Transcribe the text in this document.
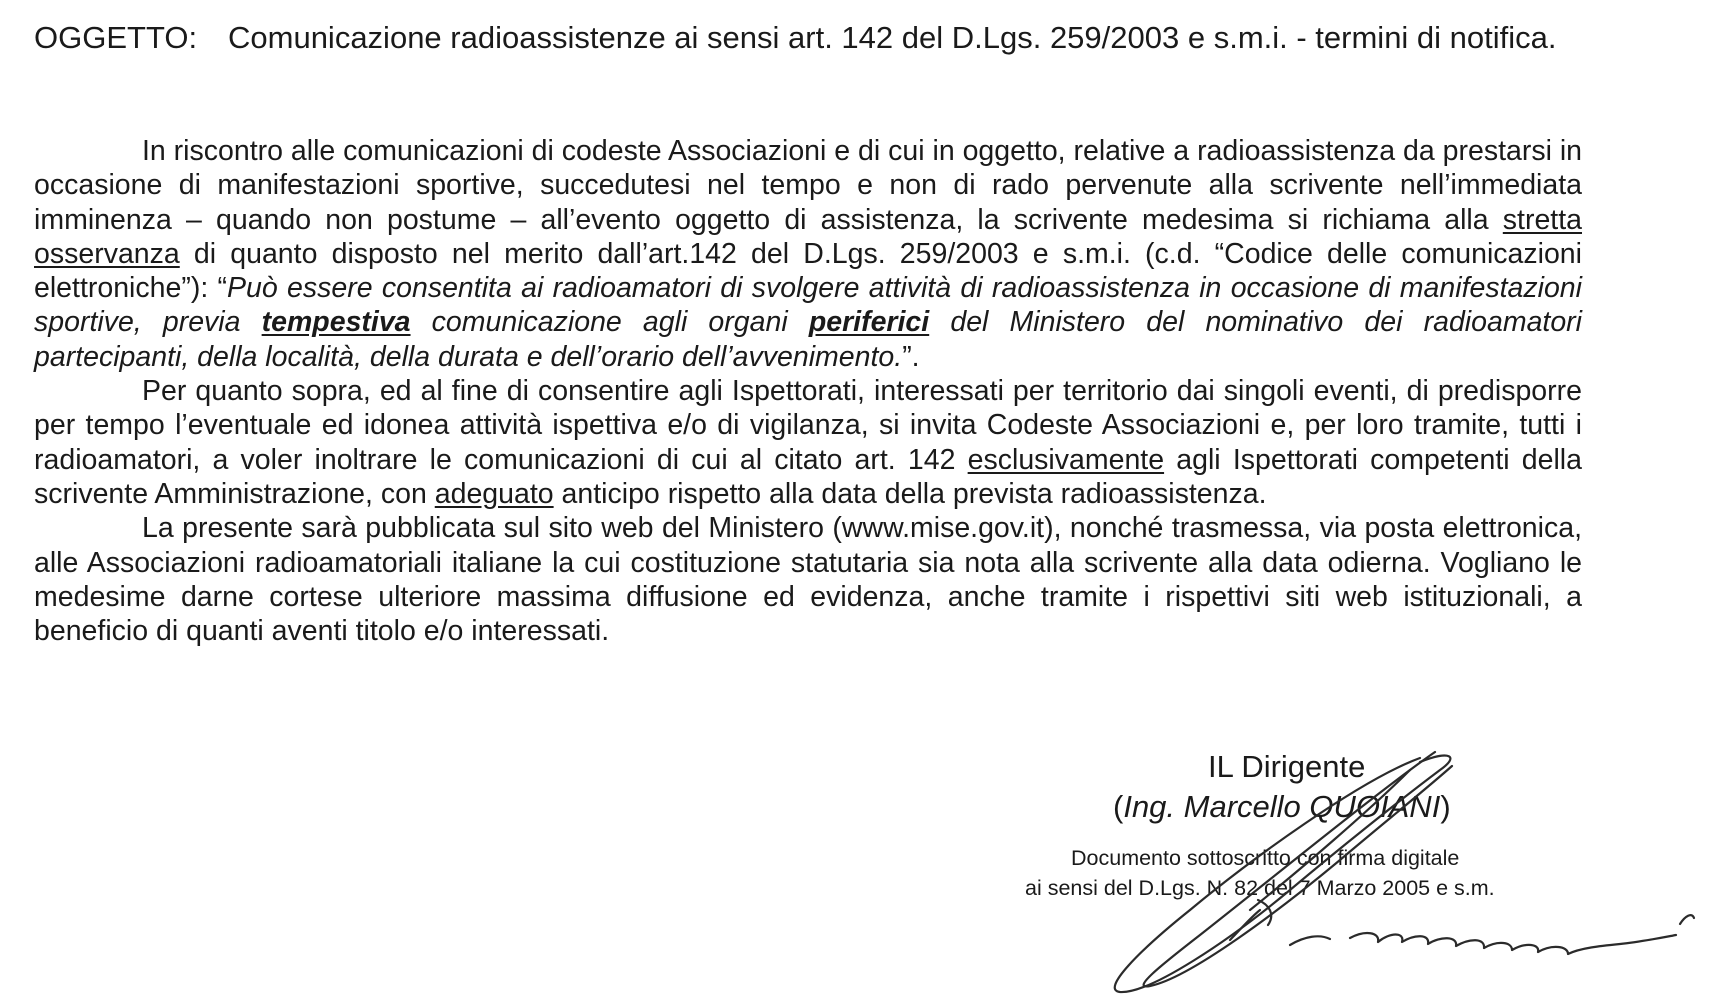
OGGETTO: Comunicazione radioassistenze ai sensi art. 142 del D.Lgs. 259/2003 e s.m.i. - termini di notifica.

In riscontro alle comunicazioni di codeste Associazioni e di cui in oggetto, relative a radioassistenza da prestarsi in occasione di manifestazioni sportive, succedutesi nel tempo e non di rado pervenute alla scrivente nell’immediata imminenza – quando non postume – all’evento oggetto di assistenza, la scrivente medesima si richiama alla stretta osservanza di quanto disposto nel merito dall’art.142 del D.Lgs. 259/2003 e s.m.i. (c.d. “Codice delle comunicazioni elettroniche”): “Può essere consentita ai radioamatori di svolgere attività di radioassistenza in occasione di manifestazioni sportive, previa tempestiva comunicazione agli organi periferici del Ministero del nominativo dei radioamatori partecipanti, della località, della durata e dell’orario dell’avvenimento.”.

Per quanto sopra, ed al fine di consentire agli Ispettorati, interessati per territorio dai singoli eventi, di predisporre per tempo l’eventuale ed idonea attività ispettiva e/o di vigilanza, si invita Codeste Associazioni e, per loro tramite, tutti i radioamatori, a voler inoltrare le comunicazioni di cui al citato art. 142 esclusivamente agli Ispettorati competenti della scrivente Amministrazione, con adeguato anticipo rispetto alla data della prevista radioassistenza.

La presente sarà pubblicata sul sito web del Ministero (www.mise.gov.it), nonché trasmessa, via posta elettronica, alle Associazioni radioamatoriali italiane la cui costituzione statutaria sia nota alla scrivente alla data odierna. Vogliano le medesime darne cortese ulteriore massima diffusione ed evidenza, anche tramite i rispettivi siti web istituzionali, a beneficio di quanti aventi titolo e/o interessati.

IL Dirigente
(Ing. Marcello QUOIANI)
Documento sottoscritto con firma digitale
ai sensi del D.Lgs. N. 82 del 7 Marzo 2005 e s.m.
